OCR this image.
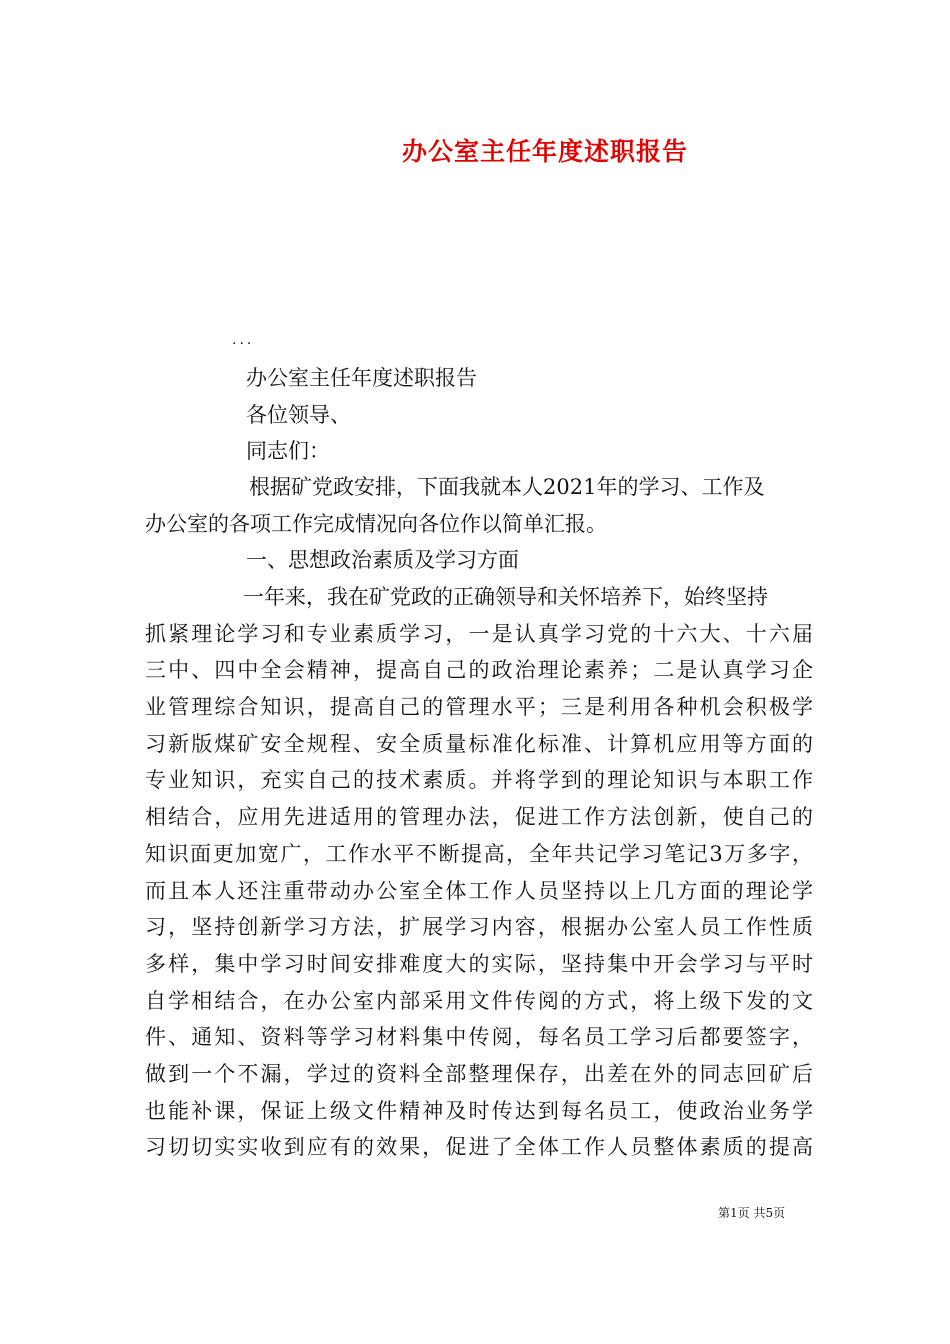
办公室主任年度述职报告
...
办公室主任年度述职报告
各位领导、
同志们：
根据矿党政安排，下面我就本人2021年的学习、工作及
办公室的各项工作完成情况向各位作以简单汇报。
一、思想政治素质及学习方面
一年来，我在矿党政的正确领导和关怀培养下，始终坚持
抓紧理论学习和专业素质学习，一是认真学习党的十六大、十六届
三中、四中全会精神，提高自己的政治理论素养；二是认真学习企
业管理综合知识，提高自己的管理水平；三是利用各种机会积极学
习新版煤矿安全规程、安全质量标准化标准、计算机应用等方面的
专业知识，充实自己的技术素质。并将学到的理论知识与本职工作
相结合，应用先进适用的管理办法，促进工作方法创新，使自己的
知识面更加宽广，工作水平不断提高，全年共记学习笔记3万多字，
而且本人还注重带动办公室全体工作人员坚持以上几方面的理论学
习，坚持创新学习方法，扩展学习内容，根据办公室人员工作性质
多样，集中学习时间安排难度大的实际，坚持集中开会学习与平时
自学相结合，在办公室内部采用文件传阅的方式，将上级下发的文
件、通知、资料等学习材料集中传阅，每名员工学习后都要签字，
做到一个不漏，学过的资料全部整理保存，出差在外的同志回矿后
也能补课，保证上级文件精神及时传达到每名员工，使政治业务学
习切切实实收到应有的效果，促进了全体工作人员整体素质的提高
第1页 共5页
